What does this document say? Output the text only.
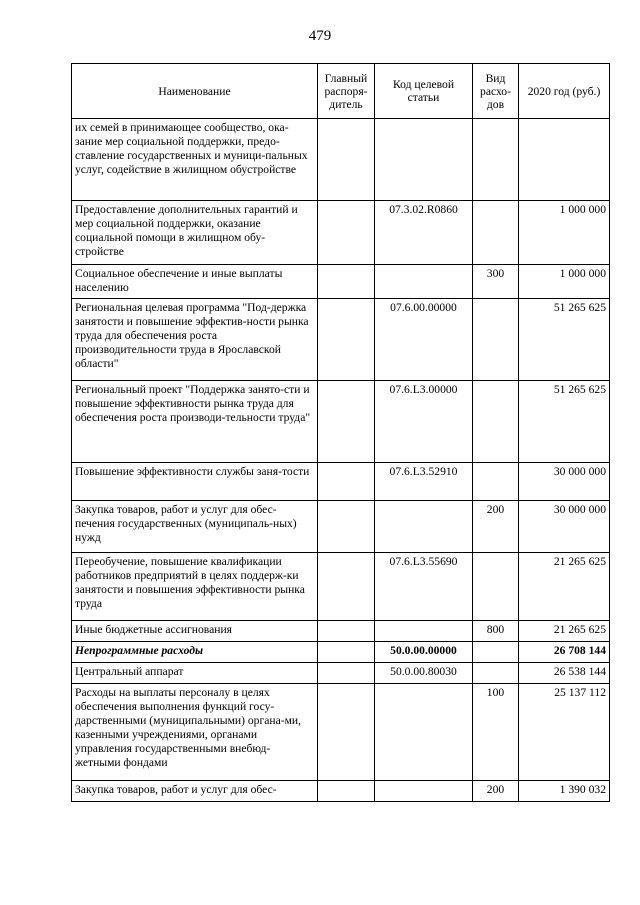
479
Наименование	Главный распоря-дитель	Код целевой статьи	Вид расхо-дов	2020 год (руб.)
их семей в принимающее сообщество, ока-зание мер социальной поддержки, предо-ставление государственных и муници-пальных услуг, содействие в жилищном обустройстве				
Предоставление дополнительных гарантий и мер социальной поддержки, оказание социальной помощи в жилищном обу-стройстве		07.3.02.R0860		1 000 000
Социальное обеспечение и иные выплаты населению			300	1 000 000
Региональная целевая программа "Под-держка занятости и повышение эффектив-ности рынка труда для обеспечения роста производительности труда в Ярославской области"		07.6.00.00000		51 265 625
Региональный проект "Поддержка занято-сти и повышение эффективности рынка труда для обеспечения роста производи-тельности труда"		07.6.L3.00000		51 265 625
Повышение эффективности службы заня-тости		07.6.L3.52910		30 000 000
Закупка товаров, работ и услуг для обес-печения государственных (муниципаль-ных) нужд			200	30 000 000
Переобучение, повышение квалификации работников предприятий в целях поддерж-ки занятости и повышения эффективности рынка труда		07.6.L3.55690		21 265 625
Иные бюджетные ассигнования			800	21 265 625
Непрограммные расходы		50.0.00.00000		26 708 144
Центральный аппарат		50.0.00.80030		26 538 144
Расходы на выплаты персоналу в целях обеспечения выполнения функций госу-дарственными (муниципальными) органа-ми, казенными учреждениями, органами управления государственными внебюд-жетными фондами			100	25 137 112
Закупка товаров, работ и услуг для обес-			200	1 390 032
